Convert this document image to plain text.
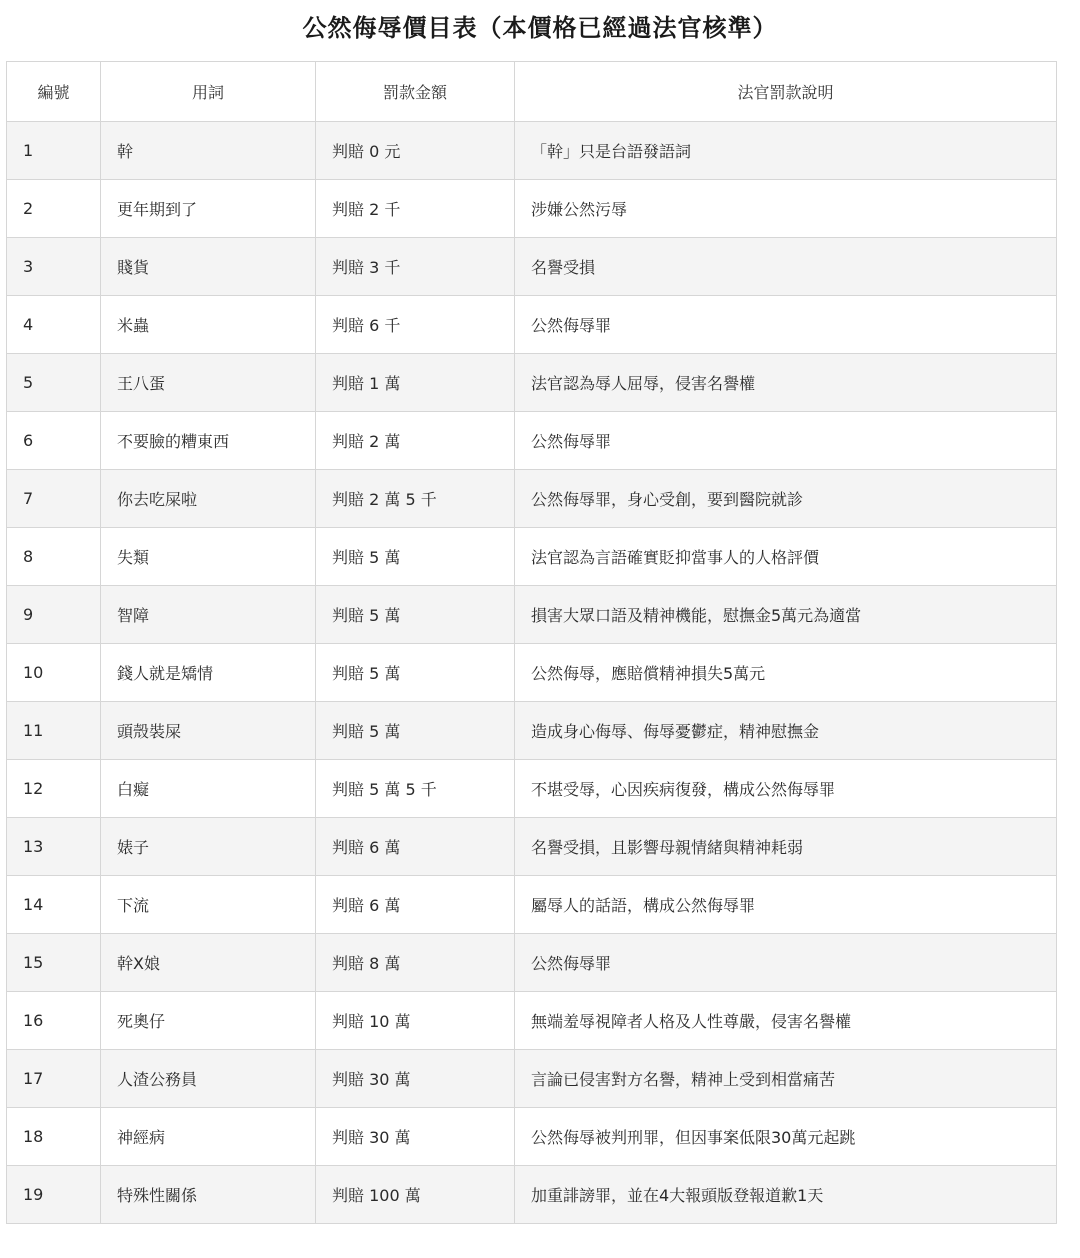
公然侮辱價目表（本價格已經過法官核準）
編號	用詞	罰款金額	法官罰款說明
1	幹	判賠 0 元	「幹」只是台語發語詞
2	更年期到了	判賠 2 千	涉嫌公然污辱
3	賤貨	判賠 3 千	名譽受損
4	米蟲	判賠 6 千	公然侮辱罪
5	王八蛋	判賠 1 萬	法官認為辱人屈辱，侵害名譽權
6	不要臉的糟東西	判賠 2 萬	公然侮辱罪
7	你去吃屎啦	判賠 2 萬 5 千	公然侮辱罪，身心受創，要到醫院就診
8	失類	判賠 5 萬	法官認為言語確實貶抑當事人的人格評價
9	智障	判賠 5 萬	損害大眾口語及精神機能，慰撫金5萬元為適當
10	錢人就是矯情	判賠 5 萬	公然侮辱，應賠償精神損失5萬元
11	頭殼裝屎	判賠 5 萬	造成身心侮辱、侮辱憂鬱症，精神慰撫金
12	白癡	判賠 5 萬 5 千	不堪受辱，心因疾病復發，構成公然侮辱罪
13	婊子	判賠 6 萬	名譽受損，且影響母親情緒與精神耗弱
14	下流	判賠 6 萬	屬辱人的話語，構成公然侮辱罪
15	幹X娘	判賠 8 萬	公然侮辱罪
16	死奧仔	判賠 10 萬	無端羞辱視障者人格及人性尊嚴，侵害名譽權
17	人渣公務員	判賠 30 萬	言論已侵害對方名譽，精神上受到相當痛苦
18	神經病	判賠 30 萬	公然侮辱被判刑罪，但因事案低限30萬元起跳
19	特殊性關係	判賠 100 萬	加重誹謗罪，並在4大報頭版登報道歉1天
